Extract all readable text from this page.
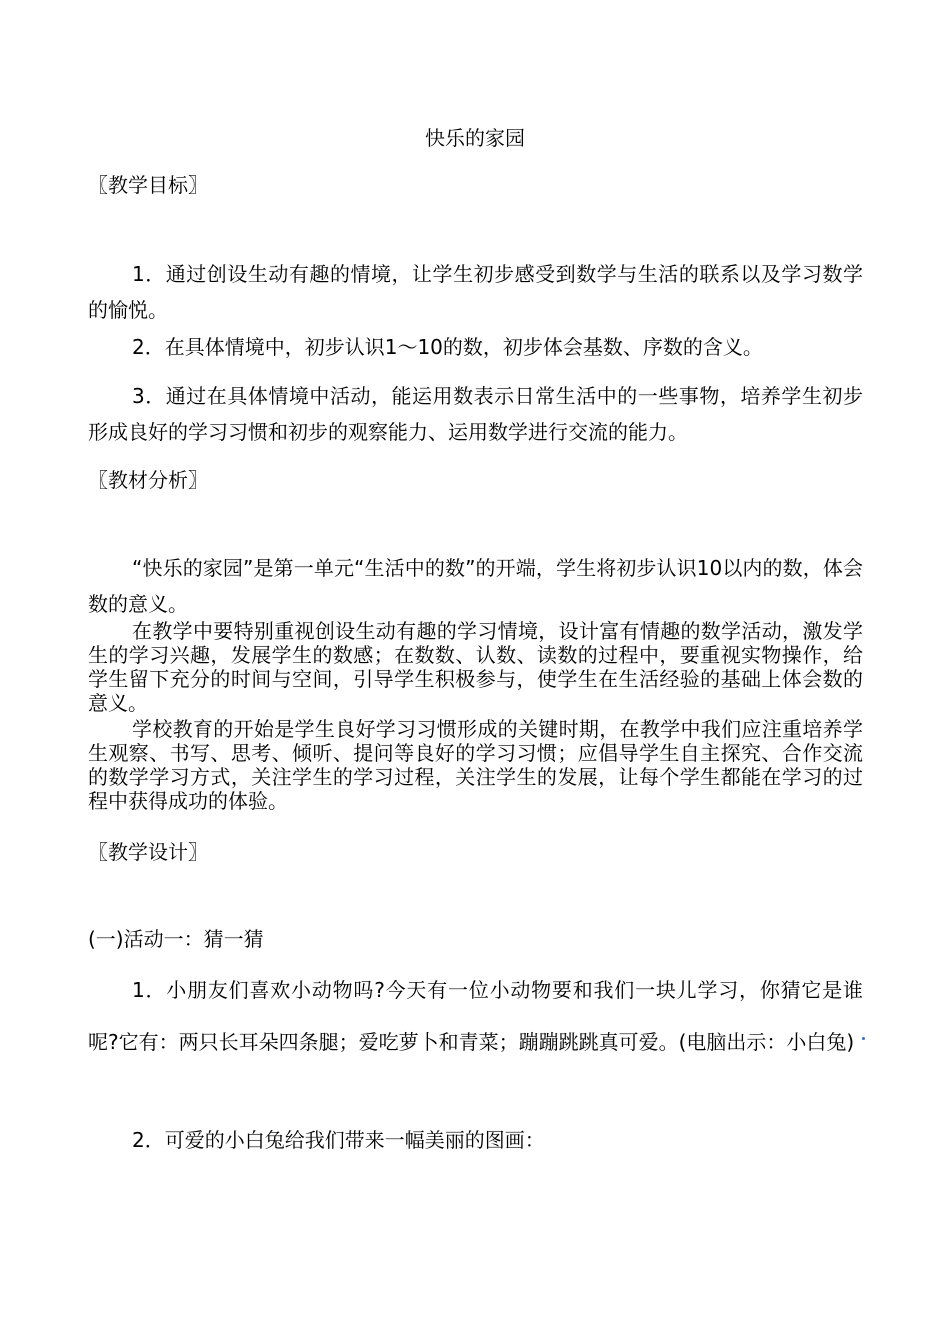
快乐的家园
〖教学目标〗

1．通过创设生动有趣的情境，让学生初步感受到数学与生活的联系以及学习数学的愉悦。

2．在具体情境中，初步认识1～10的数，初步体会基数、序数的含义。

3．通过在具体情境中活动，能运用数表示日常生活中的一些事物，培养学生初步形成良好的学习习惯和初步的观察能力、运用数学进行交流的能力。

〖教材分析〗

“快乐的家园”是第一单元“生活中的数”的开端，学生将初步认识10以内的数，体会数的意义。

在教学中要特别重视创设生动有趣的学习情境，设计富有情趣的数学活动，激发学生的学习兴趣，发展学生的数感；在数数、认数、读数的过程中，要重视实物操作，给学生留下充分的时间与空间，引导学生积极参与，使学生在生活经验的基础上体会数的意义。

学校教育的开始是学生良好学习习惯形成的关键时期，在教学中我们应注重培养学生观察、书写、思考、倾听、提问等良好的学习习惯；应倡导学生自主探究、合作交流的数学学习方式，关注学生的学习过程，关注学生的发展，让每个学生都能在学习的过程中获得成功的体验。

〖教学设计〗
(一)活动一：猜一猜

1．小朋友们喜欢小动物吗?今天有一位小动物要和我们一块儿学习，你猜它是谁呢?它有：两只长耳朵四条腿；爱吃萝卜和青菜；蹦蹦跳跳真可爱。(电脑出示：小白兔)

2．可爱的小白兔给我们带来一幅美丽的图画：
